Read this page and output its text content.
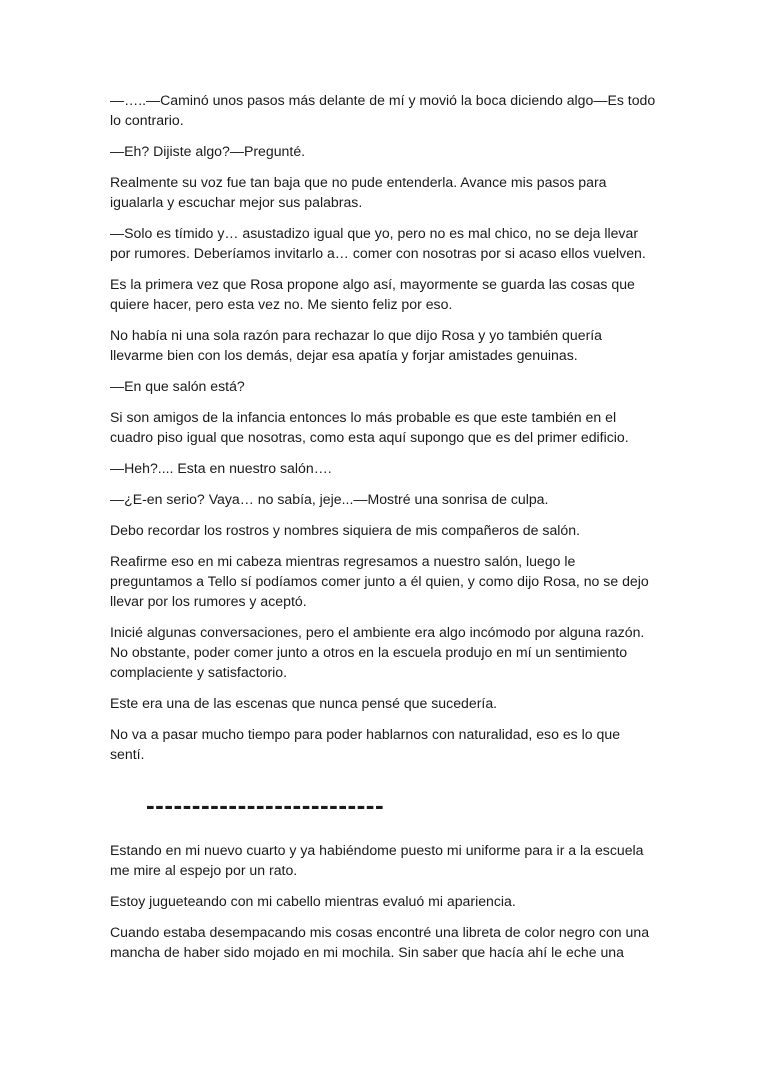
—…..—Caminó unos pasos más delante de mí y movió la boca diciendo algo—Es todo lo contrario.

—Eh? Dijiste algo?—Pregunté.

Realmente su voz fue tan baja que no pude entenderla. Avance mis pasos para igualarla y escuchar mejor sus palabras.

—Solo es tímido y… asustadizo igual que yo, pero no es mal chico, no se deja llevar por rumores. Deberíamos invitarlo a… comer con nosotras por si acaso ellos vuelven.

Es la primera vez que Rosa propone algo así, mayormente se guarda las cosas que quiere hacer, pero esta vez no. Me siento feliz por eso.

No había ni una sola razón para rechazar lo que dijo Rosa y yo también quería llevarme bien con los demás, dejar esa apatía y forjar amistades genuinas.

—En que salón está?

Si son amigos de la infancia entonces lo más probable es que este también en el cuadro piso igual que nosotras, como esta aquí supongo que es del primer edificio.

—Heh?.... Esta en nuestro salón….

—¿E-en serio? Vaya… no sabía, jeje...—Mostré una sonrisa de culpa.

Debo recordar los rostros y nombres siquiera de mis compañeros de salón.

Reafirme eso en mi cabeza mientras regresamos a nuestro salón, luego le preguntamos a Tello sí podíamos comer junto a él quien, y como dijo Rosa, no se dejo llevar por los rumores y aceptó.

Inicié algunas conversaciones, pero el ambiente era algo incómodo por alguna razón. No obstante, poder comer junto a otros en la escuela produjo en mí un sentimiento complaciente y satisfactorio.

Este era una de las escenas que nunca pensé que sucedería.

No va a pasar mucho tiempo para poder hablarnos con naturalidad, eso es lo que sentí.

--------------------------

Estando en mi nuevo cuarto y ya habiéndome puesto mi uniforme para ir a la escuela me mire al espejo por un rato.

Estoy jugueteando con mi cabello mientras evaluó mi apariencia.

Cuando estaba desempacando mis cosas encontré una libreta de color negro con una mancha de haber sido mojado en mi mochila. Sin saber que hacía ahí le eche una
